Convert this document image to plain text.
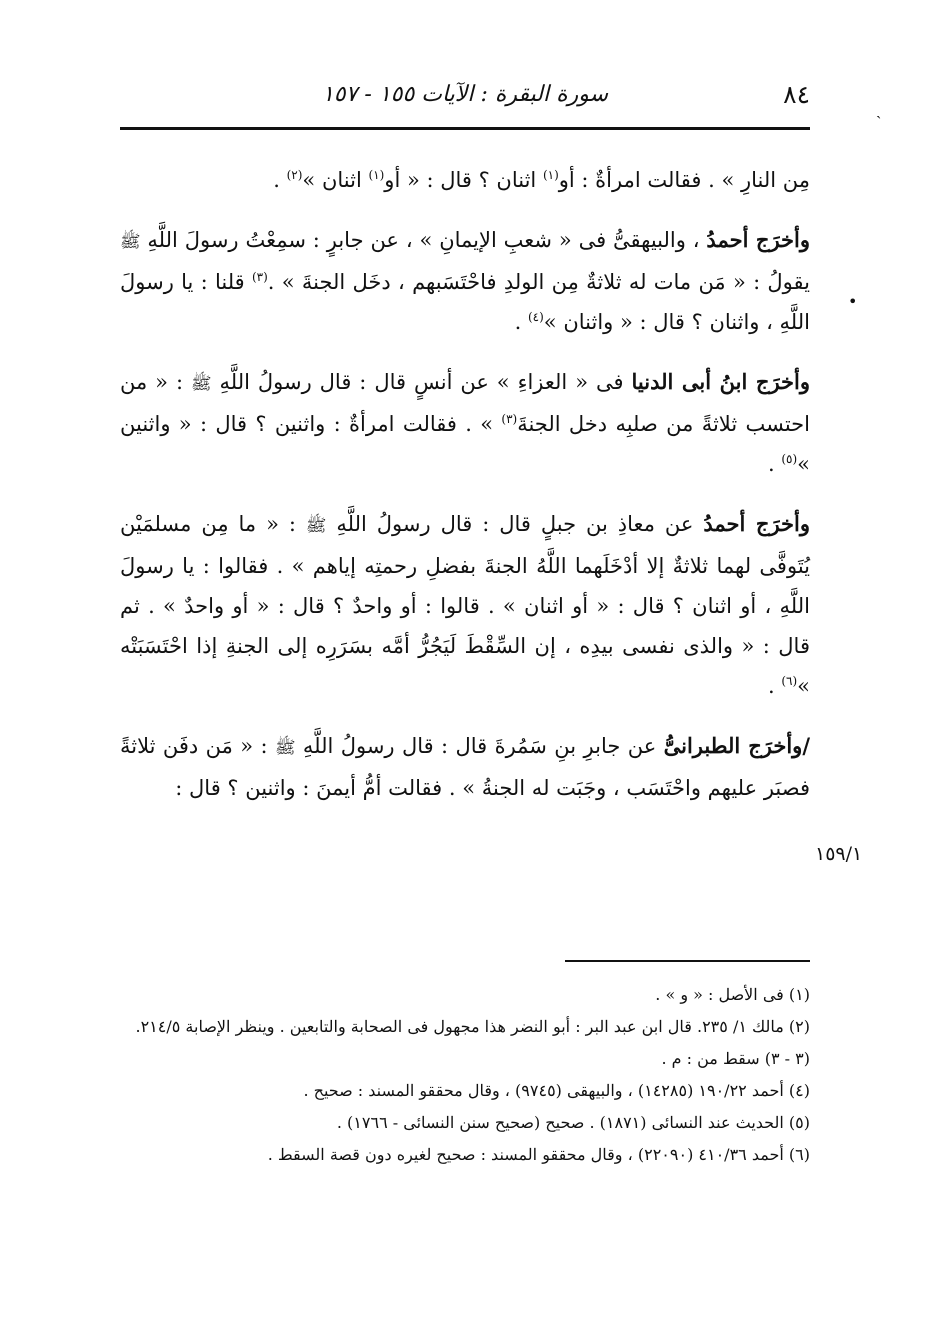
٨٤
سورة البقرة : الآيات ١٥٥ - ١٥٧
ˎ

مِن النارِ » . فقالت امرأةٌ : أو$^{(١)}$ اثنان ؟ قال : « أو$^{(١)}$ اثنان »$^{(٢)}$ .

وأخرَج أحمدُ ، والبيهقىُّ فى « شعبِ الإيمانِ » ، عن جابرٍ : سمِعْتُ رسولَ اللَّهِ ﷺ يقولُ : « مَن مات له ثلاثةٌ مِن الولدِ فاحْتَسَبهم ، دخَل الجنةَ » .$^{(٣)}$ قلنا : يا رسولَ اللَّهِ ، واثنان ؟ قال : « واثنان »$^{(٤)}$ .

وأخرَج ابنُ أبى الدنيا فى « العزاءِ » عن أنسٍ قال : قال رسولُ اللَّهِ ﷺ : « من احتسب ثلاثةً من صلبِه دخل الجنةَ$^{(٣)}$ » . فقالت امرأةٌ : واثنين ؟ قال : « واثنين »$^{(٥)}$ .

وأخرَج أحمدُ عن معاذِ بن جبلٍ قال : قال رسولُ اللَّهِ ﷺ : « ما مِن مسلمَيْن يُتَوفَّى لهما ثلاثةٌ إلا أدْخَلَهما اللَّهُ الجنةَ بفضلِ رحمتِه إياهم » . فقالوا : يا رسولَ اللَّهِ ، أو اثنان ؟ قال : « أو اثنان » . قالوا : أو واحدٌ ؟ قال : « أو واحدٌ » . ثم قال : « والذى نفسى بيدِه ، إن السِّقْطَ لَيَجُرُّ أمَّه بسَرَرِه إلى الجنةِ إذا احْتَسَبَتْه »$^{(٦)}$ .

/وأخرَج الطبرانىُّ عن جابرِ بنِ سَمُرةَ قال : قال رسولُ اللَّهِ ﷺ : « مَن دفَن ثلاثةً فصبَر عليهم واحْتَسَب ، وجَبَت له الجنةُ » . فقالت أمُّ أيمنَ : واثنين ؟ قال :

•
١٥٩/١

(١) فى الأصل : « و » .

(٢) مالك ١/ ٢٣٥. قال ابن عبد البر : أبو النضر هذا مجهول فى الصحابة والتابعين . وينظر الإصابة ٢١٤/٥.

(٣ - ٣) سقط من : م .

(٤) أحمد ١٩٠/٢٢ (١٤٢٨٥) ، والبيهقى (٩٧٤٥) ، وقال محققو المسند : صحيح .

(٥) الحديث عند النسائى (١٨٧١) . صحيح (صحيح سنن النسائى - ١٧٦٦) .

(٦) أحمد ٤١٠/٣٦ (٢٢٠٩٠) ، وقال محققو المسند : صحيح لغيره دون قصة السقط .
